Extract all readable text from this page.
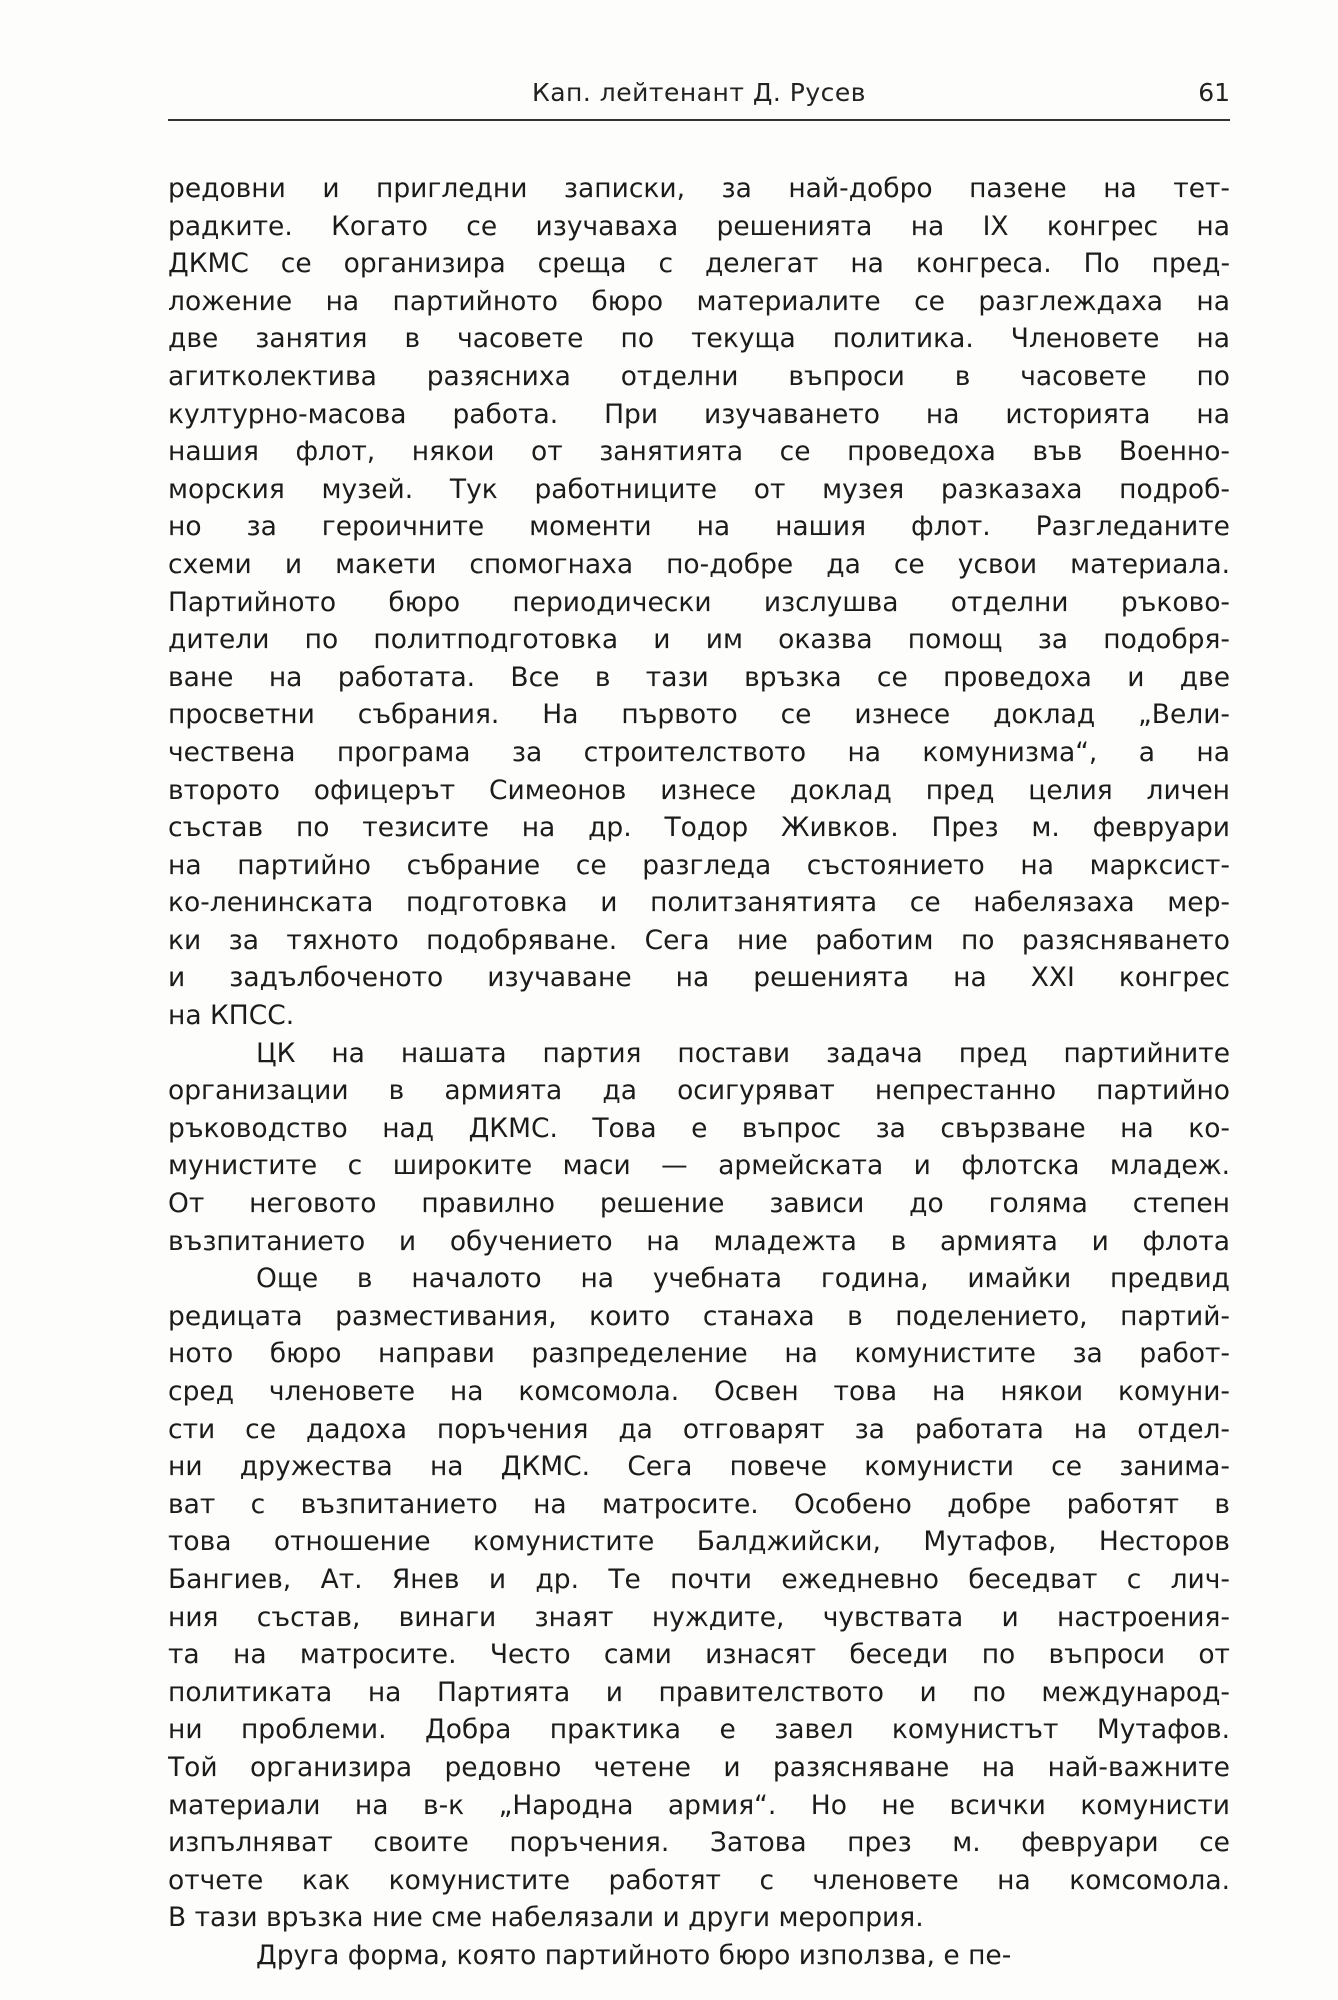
Кап. лейтенант Д. Русев	61
редовни и пригледни записки, за най-добро пазене на тет-
радките. Когато се изучаваха решенията на IX конгрес на
ДКМС се организира среща с делегат на конгреса. По пред-
ложение на партийното бюро материалите се разглеждаха на
две занятия в часовете по текуща политика. Членовете на
агитколектива разясниха отделни въпроси в часовете по
културно-масова работа. При изучаването на историята на
нашия флот, някои от занятията се проведоха във Военно-
морския музей. Тук работниците от музея разказаха подроб-
но за героичните моменти на нашия флот. Разгледаните
схеми и макети спомогнаха по-добре да се усвои материала.
Партийното бюро периодически изслушва отделни ръково-
дители по политподготовка и им оказва помощ за подобря-
ване на работата. Все в тази връзка се проведоха и две
просветни събрания. На първото се изнесе доклад „Вели-
чествена програма за строителството на комунизма“, а на
второто офицерът Симеонов изнесе доклад пред целия личен
състав по тезисите на др. Тодор Живков. През м. февруари
на партийно събрание се разгледа състоянието на марксист-
ко-ленинската подготовка и политзанятията се набелязаха мер-
ки за тяхното подобряване. Сега ние работим по разясняването
и задълбоченото изучаване на решенията на XXI конгрес
на КПСС.
ЦК на нашата партия постави задача пред партийните
организации в армията да осигуряват непрестанно партийно
ръководство над ДКМС. Това е въпрос за свързване на ко-
мунистите с широките маси — армейската и флотска младеж.
От неговото правилно решение зависи до голяма степен
възпитанието и обучението на младежта в армията и флота
Още в началото на учебната година, имайки предвид
редицата разместивания, които станаха в поделението, партий-
ното бюро направи разпределение на комунистите за работ-
сред членовете на комсомола. Освен това на някои комуни-
сти се дадоха поръчения да отговарят за работата на отдел-
ни дружества на ДКМС. Сега повече комунисти се занима-
ват с възпитанието на матросите. Особено добре работят в
това отношение комунистите Балджийски, Мутафов, Несторов
Бангиев, Ат. Янев и др. Те почти ежедневно беседват с лич-
ния състав, винаги знаят нуждите, чувствата и настроения-
та на матросите. Често сами изнасят беседи по въпроси от
политиката на Партията и правителството и по международ-
ни проблеми. Добра практика е завел комунистът Мутафов.
Той организира редовно четене и разясняване на най-важните
материали на в-к „Народна армия“. Но не всички комунисти
изпълняват своите поръчения. Затова през м. февруари се
отчете как комунистите работят с членовете на комсомола.
В тази връзка ние сме набелязали и други мероприя.
Друга форма, която партийното бюро използва, е пе-
